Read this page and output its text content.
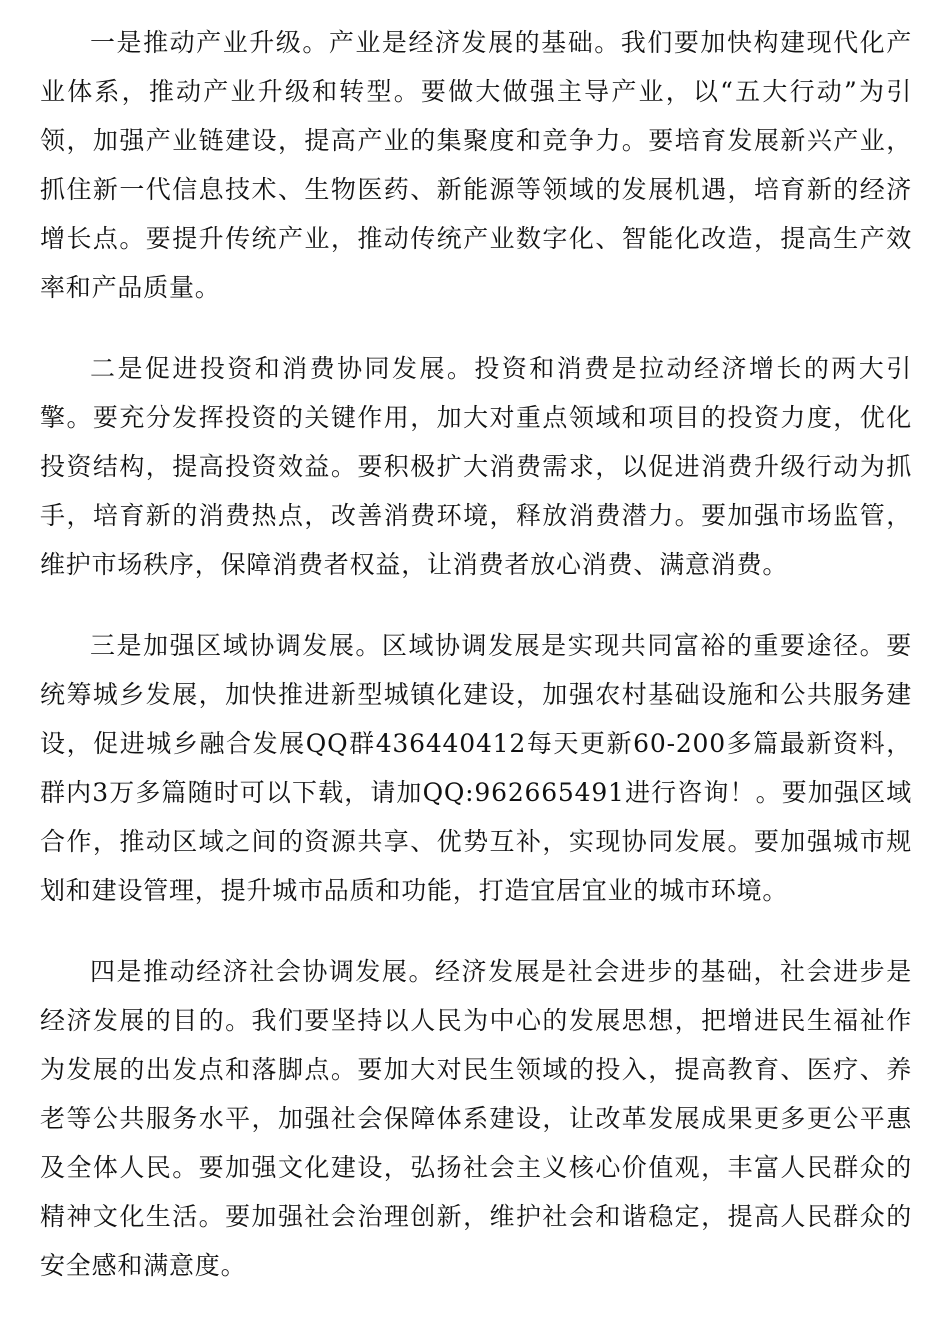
一是推动产业升级。产业是经济发展的基础。我们要加快构建现代化产业体系，推动产业升级和转型。要做大做强主导产业，以“五大行动”为引领，加强产业链建设，提高产业的集聚度和竞争力。要培育发展新兴产业，抓住新一代信息技术、生物医药、新能源等领域的发展机遇，培育新的经济增长点。要提升传统产业，推动传统产业数字化、智能化改造，提高生产效率和产品质量。

二是促进投资和消费协同发展。投资和消费是拉动经济增长的两大引擎。要充分发挥投资的关键作用，加大对重点领域和项目的投资力度，优化投资结构，提高投资效益。要积极扩大消费需求，以促进消费升级行动为抓手，培育新的消费热点，改善消费环境，释放消费潜力。要加强市场监管，维护市场秩序，保障消费者权益，让消费者放心消费、满意消费。

三是加强区域协调发展。区域协调发展是实现共同富裕的重要途径。要统筹城乡发展，加快推进新型城镇化建设，加强农村基础设施和公共服务建设，促进城乡融合发展QQ群436440412每天更新60-200多篇最新资料，群内3万多篇随时可以下载，请加QQ:962665491进行咨询！。要加强区域合作，推动区域之间的资源共享、优势互补，实现协同发展。要加强城市规划和建设管理，提升城市品质和功能，打造宜居宜业的城市环境。

四是推动经济社会协调发展。经济发展是社会进步的基础，社会进步是经济发展的目的。我们要坚持以人民为中心的发展思想，把增进民生福祉作为发展的出发点和落脚点。要加大对民生领域的投入，提高教育、医疗、养老等公共服务水平，加强社会保障体系建设，让改革发展成果更多更公平惠及全体人民。要加强文化建设，弘扬社会主义核心价值观，丰富人民群众的精神文化生活。要加强社会治理创新，维护社会和谐稳定，提高人民群众的安全感和满意度。
